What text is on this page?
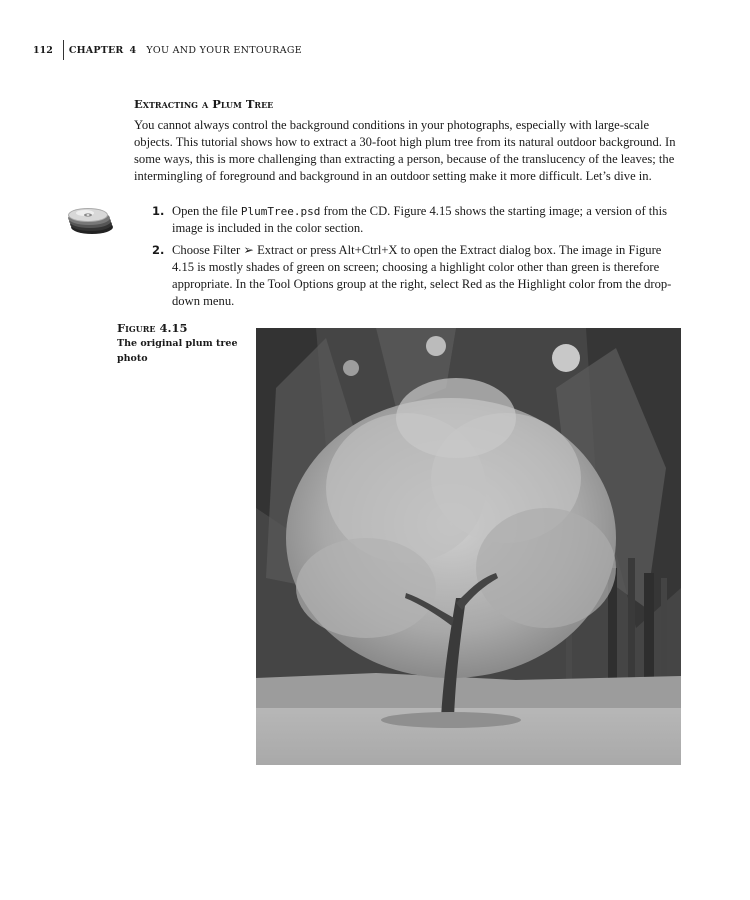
112 CHAPTER 4 YOU AND YOUR ENTOURAGE
Extracting a Plum Tree
You cannot always control the background conditions in your photographs, especially with large-scale objects. This tutorial shows how to extract a 30-foot high plum tree from its natural outdoor background. In some ways, this is more challenging than extracting a person, because of the translucency of the leaves; the intermingling of foreground and background in an outdoor setting make it more difficult. Let’s dive in.
1. Open the file PlumTree.psd from the CD. Figure 4.15 shows the starting image; a version of this image is included in the color section.
2. Choose Filter ➢ Extract or press Alt+Ctrl+X to open the Extract dialog box. The image in Figure 4.15 is mostly shades of green on screen; choosing a highlight color other than green is therefore appropriate. In the Tool Options group at the right, select Red as the Highlight color from the drop-down menu.
Figure 4.15
The original plum tree photo
